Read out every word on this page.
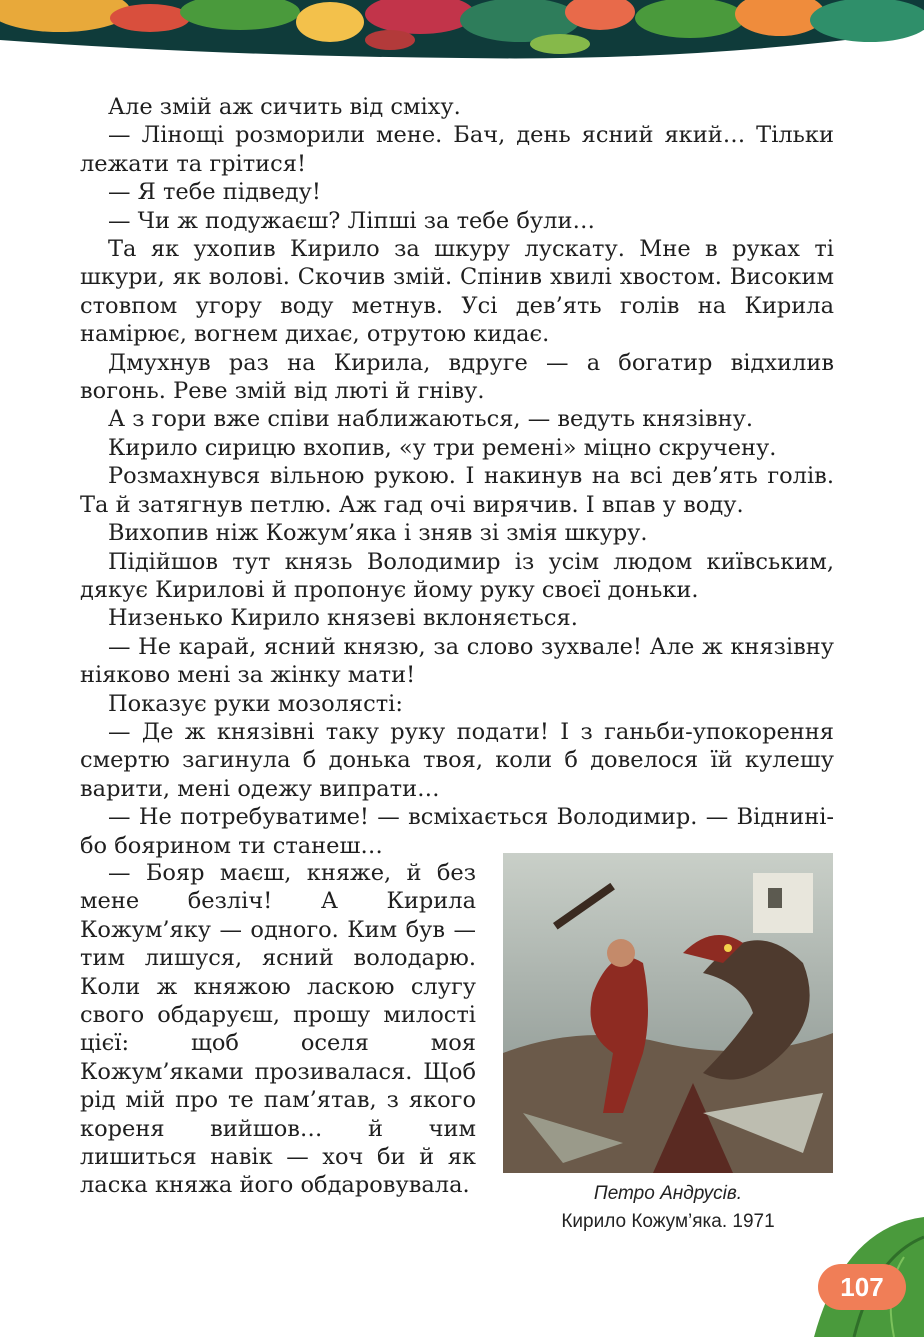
Але змій аж сичить від сміху.

— Лінощі розморили мене. Бач, день ясний який… Тільки лежати та грітися!

— Я тебе підведу!

— Чи ж подужаєш? Ліпші за тебе були…

Та як ухопив Кирило за шкуру лускату. Мне в руках ті шкури, як волові. Скочив змій. Спінив хвилі хвостом. Високим стовпом угору воду метнув. Усі дев’ять голів на Кирила намірює, вогнем дихає, отрутою кидає.

Дмухнув раз на Кирила, вдруге — а богатир відхилив вогонь. Реве змій від люті й гніву.

А з гори вже співи наближаються, — ведуть князівну.

Кирило сирицю вхопив, «у три ремені» міцно скручену.

Розмахнувся вільною рукою. І накинув на всі дев’ять голів. Та й затягнув петлю. Аж гад очі вирячив. І впав у воду.

Вихопив ніж Кожум’яка і зняв зі змія шкуру.

Підійшов тут князь Володимир із усім людом київським, дякує Кирилові й пропонує йому руку своєї доньки.

Низенько Кирило князеві вклоняється.

— Не карай, ясний князю, за слово зухвале! Але ж князівну ніяково мені за жінку мати!

Показує руки мозолясті:

— Де ж князівні таку руку подати! І з ганьби-упокорення смертю загинула б донька твоя, коли б довелося їй кулешу варити, мені одежу випрати…

— Не потребуватиме! — всміхається Володимир. — Віднині-бо боярином ти станеш…

— Бояр маєш, княже, й без мене безліч! А Кирила Кожум’яку — одного. Ким був — тим лишуся, ясний володарю. Коли ж княжою ласкою слугу свого обдаруєш, прошу милості цієї: щоб оселя моя Кожум’яками прозивалася. Щоб рід мій про те пам’ятав, з якого кореня вийшов… й чим лишиться навік — хоч би й як ласка княжа його обдаровувала.	Петро Андрусів.
Кирило Кожум’яка. 1971
107
